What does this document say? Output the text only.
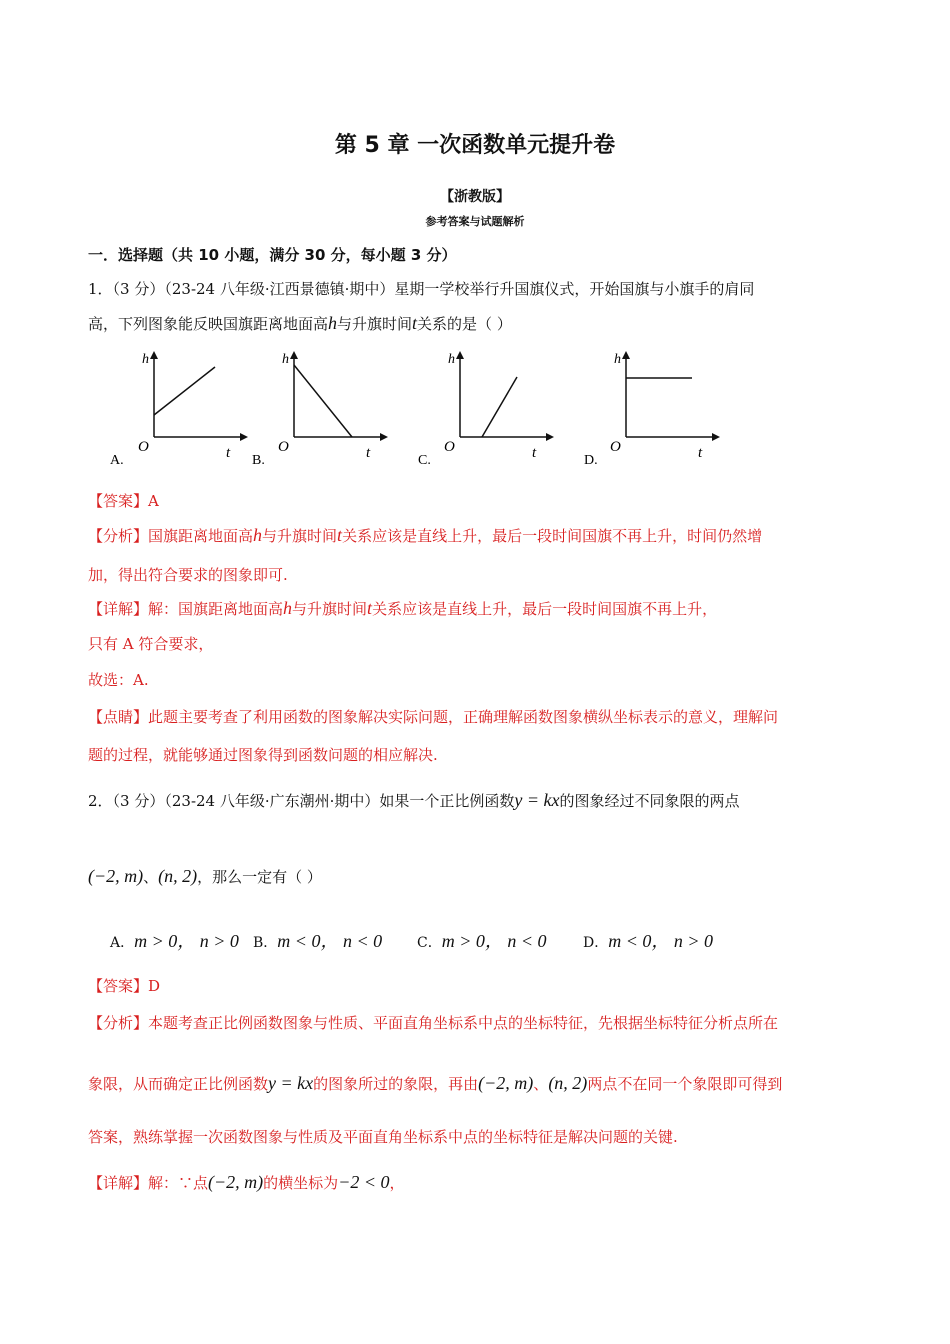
第 5 章 一次函数单元提升卷
【浙教版】
参考答案与试题解析
一．选择题（共 10 小题，满分 30 分，每小题 3 分）
1．（3 分）（23-24 八年级·江西景德镇·期中）星期一学校举行升国旗仪式，开始国旗与小旗手的肩同
高，下列图象能反映国旗距离地面高h与升旗时间t关系的是（ ）
h
O	t
A.
h
O	t
B.
h
O	t
C.
h
O	t
D.
【答案】A
【分析】国旗距离地面高h与升旗时间t关系应该是直线上升，最后一段时间国旗不再上升，时间仍然增
加，得出符合要求的图象即可.
【详解】解：国旗距离地面高h与升旗时间t关系应该是直线上升，最后一段时间国旗不再上升，
只有 A 符合要求，
故选：A.
【点睛】此题主要考查了利用函数的图象解决实际问题，正确理解函数图象横纵坐标表示的意义，理解问
题的过程，就能够通过图象得到函数问题的相应解决.
2．（3 分）（23-24 八年级·广东潮州·期中）如果一个正比例函数y = kx的图象经过不同象限的两点
(−2, m)、(n, 2)，那么一定有（ ）
A．m > 0， n > 0 B．m < 0， n < 0 C．m > 0， n < 0	D．m < 0， n > 0
【答案】D
【分析】本题考查正比例函数图象与性质、平面直角坐标系中点的坐标特征，先根据坐标特征分析点所在
象限，从而确定正比例函数y = kx的图象所过的象限，再由(−2, m)、(n, 2)两点不在同一个象限即可得到
答案，熟练掌握一次函数图象与性质及平面直角坐标系中点的坐标特征是解决问题的关键.
【详解】解：∵点(−2, m)的横坐标为−2 < 0，
